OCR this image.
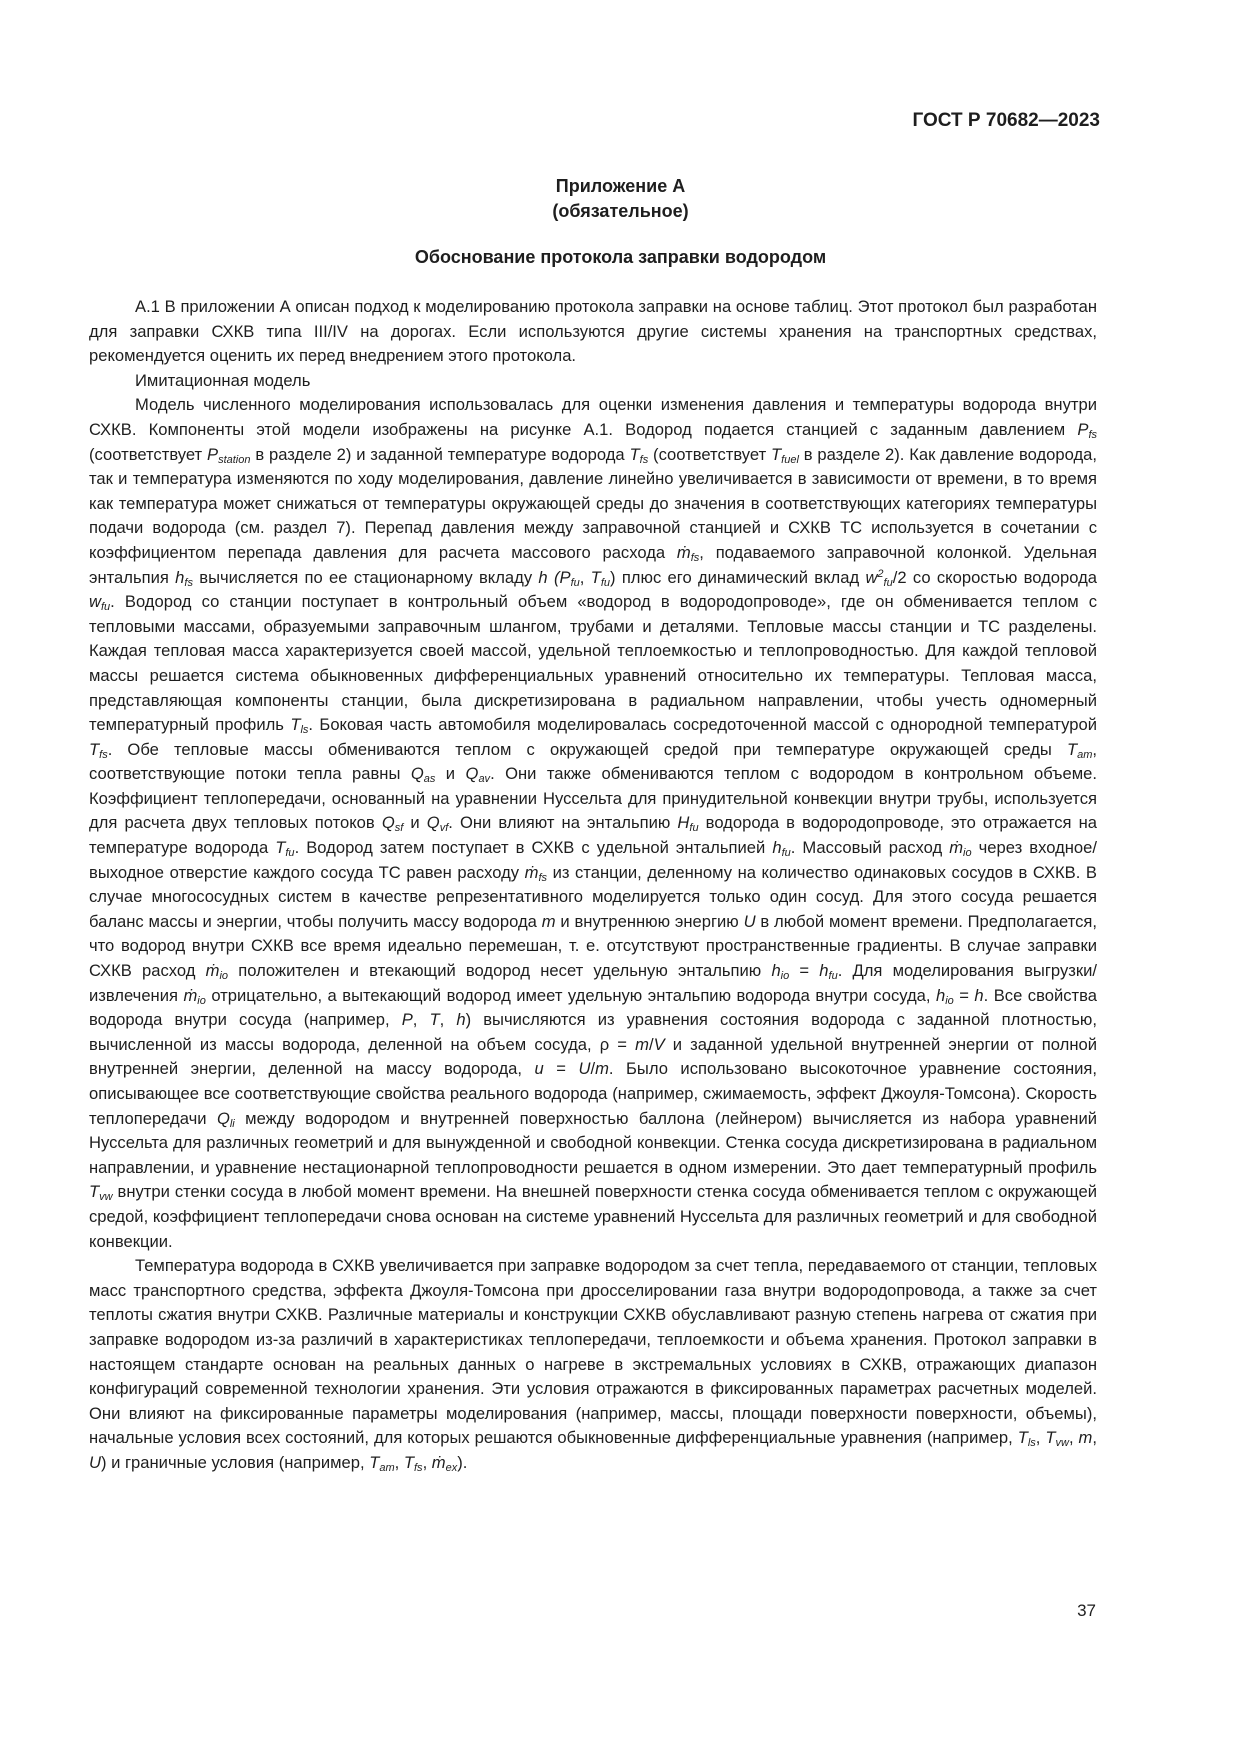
ГОСТ Р 70682—2023
Приложение А
(обязательное)
Обоснование протокола заправки водородом

А.1 В приложении А описан подход к моделированию протокола заправки на основе таблиц. Этот протокол был разработан для заправки СХКВ типа III/IV на дорогах. Если используются другие системы хранения на транспортных средствах, рекомендуется оценить их перед внедрением этого протокола.

Имитационная модель

Модель численного моделирования использовалась для оценки изменения давления и температуры водорода внутри СХКВ. Компоненты этой модели изображены на рисунке А.1. Водород подается станцией с заданным давлением $P_{fs}$ (соответствует $P_{station}$ в разделе 2) и заданной температуре водорода $T_{fs}$ (соответствует $T_{fuel}$ в разделе 2). Как давление водорода, так и температура изменяются по ходу моделирования, давление линейно увеличивается в зависимости от времени, в то время как температура может снижаться от температуры окружающей среды до значения в соответствующих категориях температуры подачи водорода (см. раздел 7). Перепад давления между заправочной станцией и СХКВ ТС используется в сочетании с коэффициентом перепада давления для расчета массового расхода ṁ$_{fs}$, подаваемого заправочной колонкой. Удельная энтальпия $h_{fs}$ вычисляется по ее стационарному вкладу h ($P_{fu}$, $T_{fu}$) плюс его динамический вклад $w^2_{fu}/2$ со скоростью водорода $w_{fu}$. Водород со станции поступает в контрольный объем «водород в водородопроводе», где он обменивается теплом с тепловыми массами, образуемыми заправочным шлангом, трубами и деталями. Тепловые массы станции и ТС разделены. Каждая тепловая масса характеризуется своей массой, удельной теплоемкостью и теплопроводностью. Для каждой тепловой массы решается система обыкновенных дифференциальных уравнений относительно их температуры. Тепловая масса, представляющая компоненты станции, была дискретизирована в радиальном направлении, чтобы учесть одномерный температурный профиль $T_{ls}$. Боковая часть автомобиля моделировалась сосредоточенной массой с однородной температурой $T_{fs}$. Обе тепловые массы обмениваются теплом с окружающей средой при температуре окружающей среды $T_{am}$, соответствующие потоки тепла равны $Q_{as}$ и $Q_{av}$. Они также обмениваются теплом с водородом в контрольном объеме. Коэффициент теплопередачи, основанный на уравнении Нуссельта для принудительной конвекции внутри трубы, используется для расчета двух тепловых потоков $Q_{sf}$ и $Q_{vf}$. Они влияют на энтальпию $H_{fu}$ водорода в водородопроводе, это отражается на температуре водорода $T_{fu}$. Водород затем поступает в СХКВ с удельной энтальпией $h_{fu}$. Массовый расход ṁ$_{io}$ через входное/выходное отверстие каждого сосуда ТС равен расходу ṁ$_{fs}$ из станции, деленному на количество одинаковых сосудов в СХКВ. В случае многососудных систем в качестве репрезентативного моделируется только один сосуд. Для этого сосуда решается баланс массы и энергии, чтобы получить массу водорода m и внутреннюю энергию U в любой момент времени. Предполагается, что водород внутри СХКВ все время идеально перемешан, т. е. отсутствуют пространственные градиенты. В случае заправки СХКВ расход ṁ$_{io}$ положителен и втекающий водород несет удельную энтальпию $h_{io} = h_{fu}$. Для моделирования выгрузки/извлечения ṁ$_{io}$ отрицательно, а вытекающий водород имеет удельную энтальпию водорода внутри сосуда, $h_{io} = h$. Все свойства водорода внутри сосуда (например, P, T, h) вычисляются из уравнения состояния водорода с заданной плотностью, вычисленной из массы водорода, деленной на объем сосуда, ρ = m/V и заданной удельной внутренней энергии от полной внутренней энергии, деленной на массу водорода, u = U/m. Было использовано высокоточное уравнение состояния, описывающее все соответствующие свойства реального водорода (например, сжимаемость, эффект Джоуля-Томсона). Скорость теплопередачи $Q_{li}$ между водородом и внутренней поверхностью баллона (лейнером) вычисляется из набора уравнений Нуссельта для различных геометрий и для вынужденной и свободной конвекции. Стенка сосуда дискретизирована в радиальном направлении, и уравнение нестационарной теплопроводности решается в одном измерении. Это дает температурный профиль $T_{vw}$ внутри стенки сосуда в любой момент времени. На внешней поверхности стенка сосуда обменивается теплом с окружающей средой, коэффициент теплопередачи снова основан на системе уравнений Нуссельта для различных геометрий и для свободной конвекции.

Температура водорода в СХКВ увеличивается при заправке водородом за счет тепла, передаваемого от станции, тепловых масс транспортного средства, эффекта Джоуля-Томсона при дросселировании газа внутри водородопровода, а также за счет теплоты сжатия внутри СХКВ. Различные материалы и конструкции СХКВ обуславливают разную степень нагрева от сжатия при заправке водородом из-за различий в характеристиках теплопередачи, теплоемкости и объема хранения. Протокол заправки в настоящем стандарте основан на реальных данных о нагреве в экстремальных условиях в СХКВ, отражающих диапазон конфигураций современной технологии хранения. Эти условия отражаются в фиксированных параметрах расчетных моделей. Они влияют на фиксированные параметры моделирования (например, массы, площади поверхности поверхности, объемы), начальные условия всех состояний, для которых решаются обыкновенные дифференциальные уравнения (например, $T_{ls}$, $T_{vw}$, m, U) и граничные условия (например, $T_{am}$, $T_{fs}$, ṁ$_{ex}$).

37
